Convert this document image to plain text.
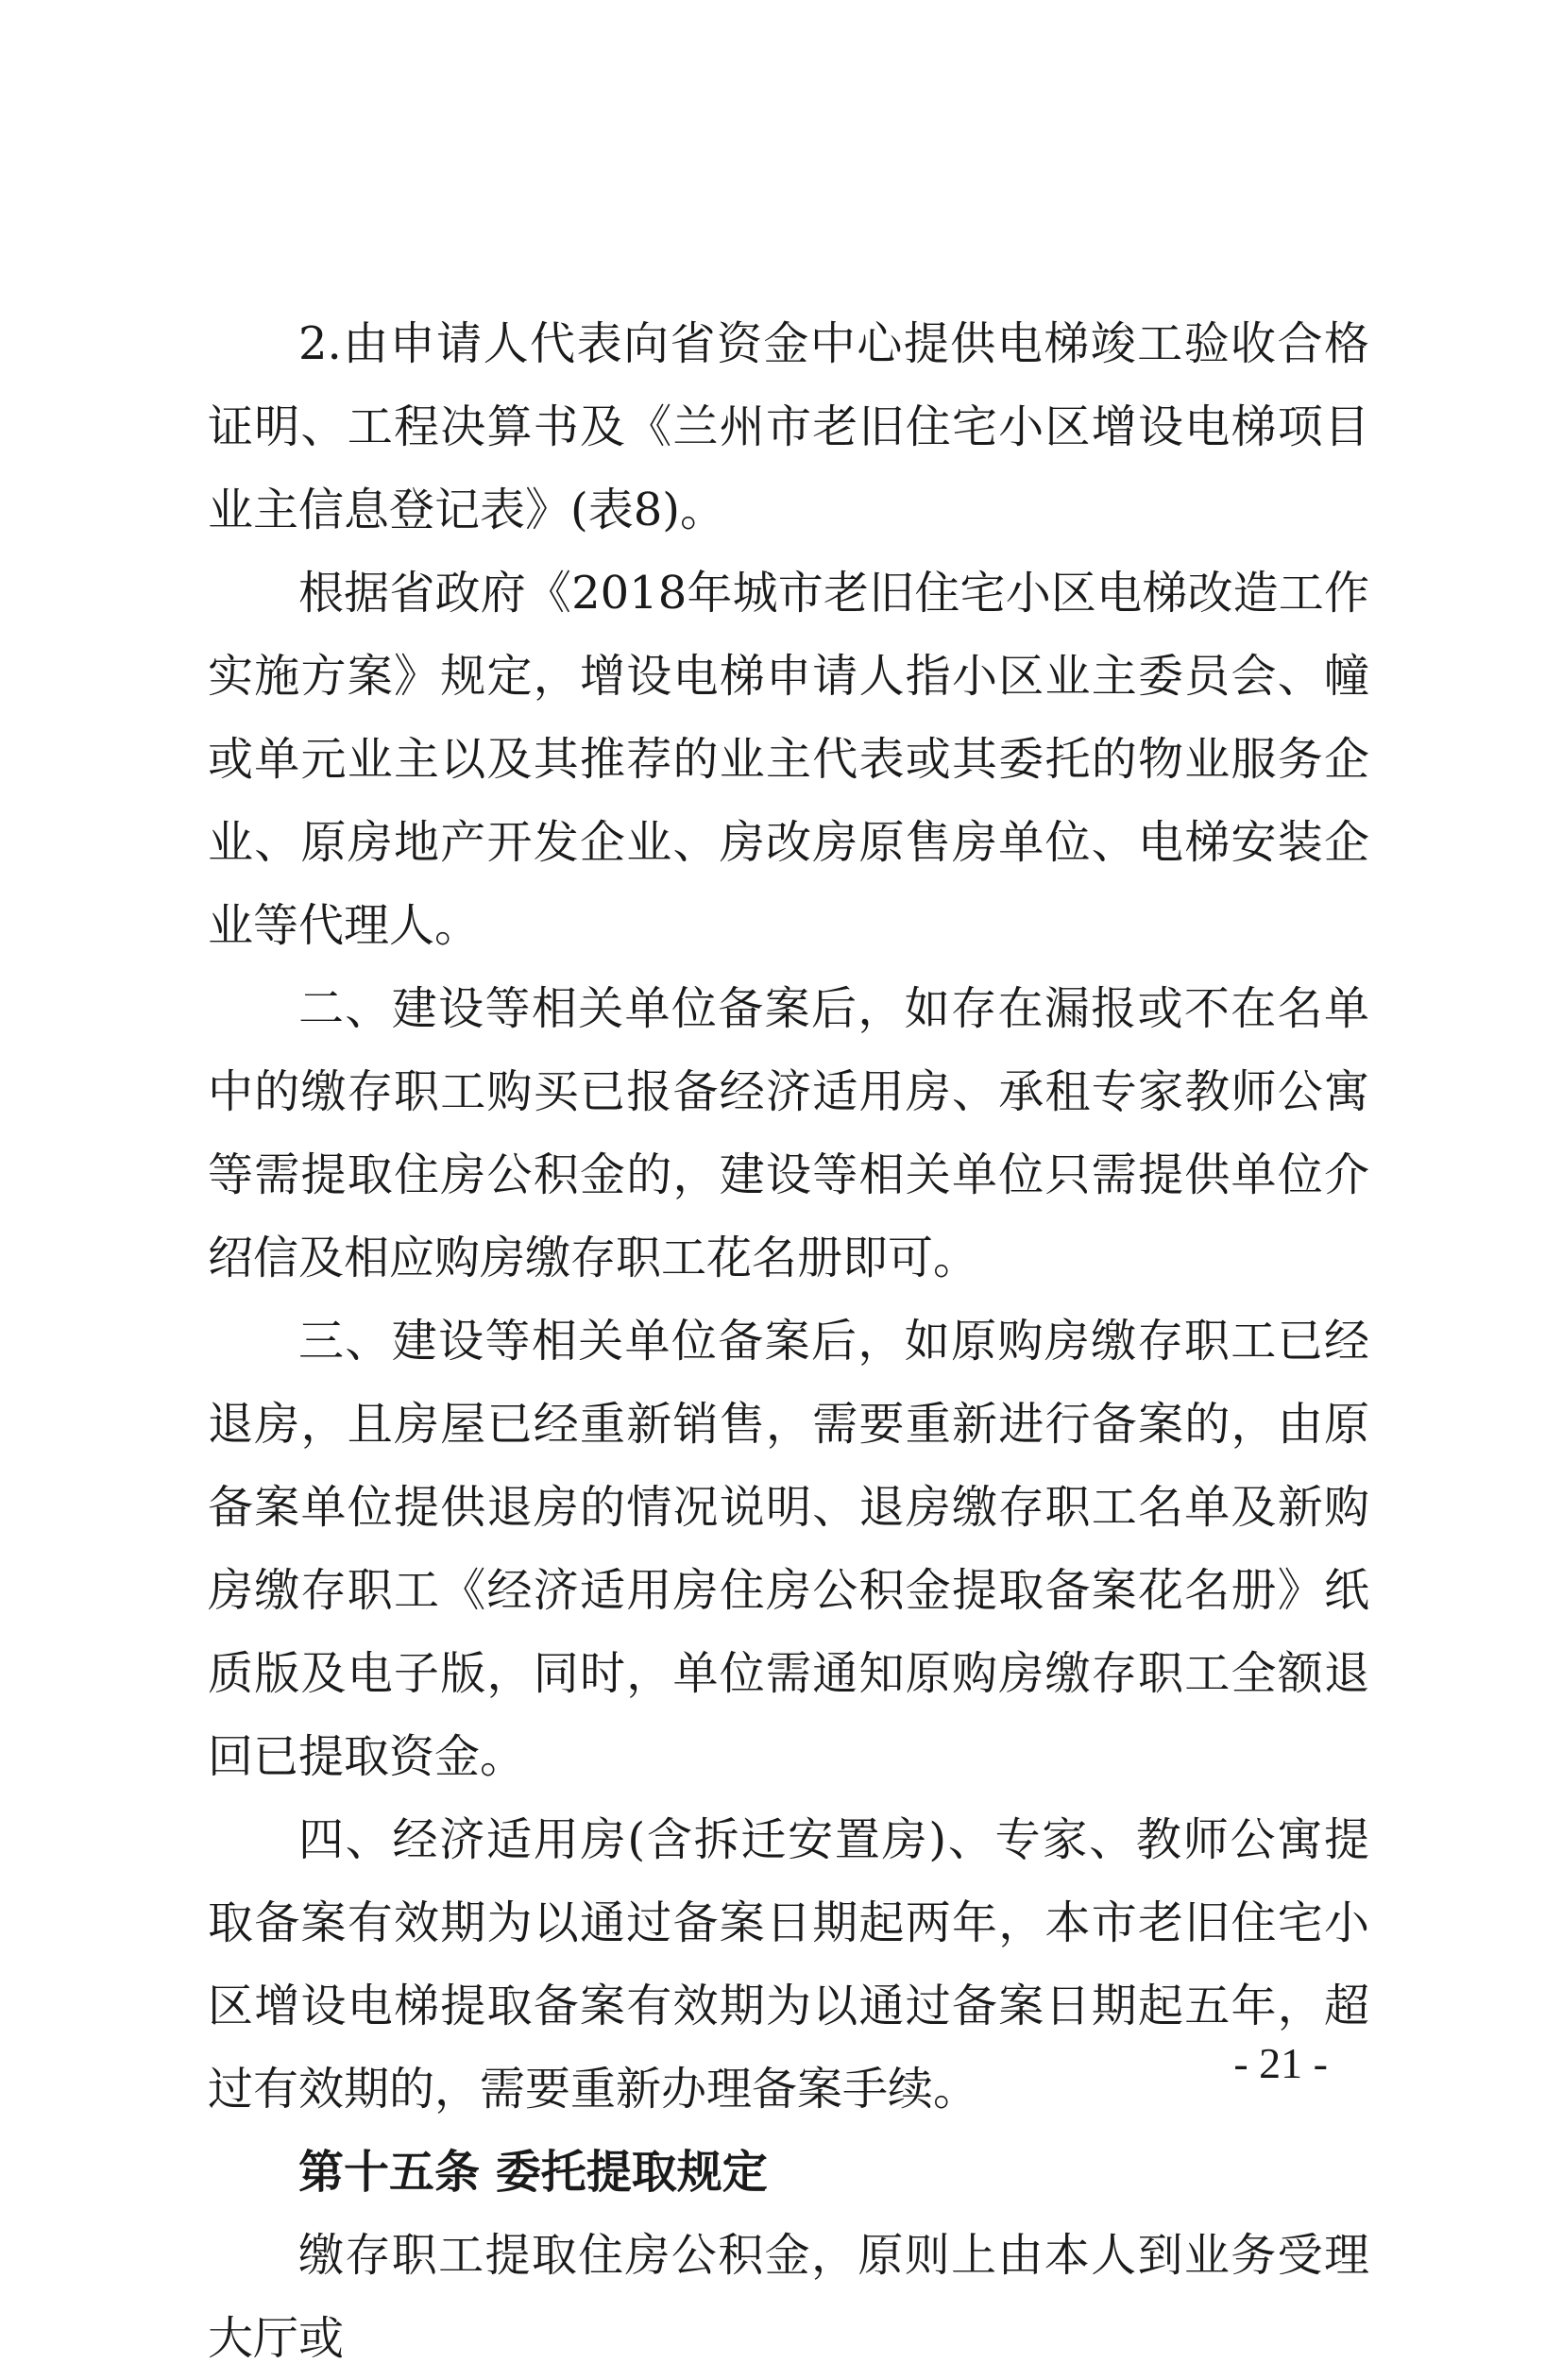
2.由申请人代表向省资金中心提供电梯竣工验收合格证明、工程决算书及《兰州市老旧住宅小区增设电梯项目业主信息登记表》(表8)。

根据省政府《2018年城市老旧住宅小区电梯改造工作实施方案》规定，增设电梯申请人指小区业主委员会、幢或单元业主以及其推荐的业主代表或其委托的物业服务企业、原房地产开发企业、房改房原售房单位、电梯安装企业等代理人。

二、建设等相关单位备案后，如存在漏报或不在名单中的缴存职工购买已报备经济适用房、承租专家教师公寓等需提取住房公积金的，建设等相关单位只需提供单位介绍信及相应购房缴存职工花名册即可。

三、建设等相关单位备案后，如原购房缴存职工已经退房，且房屋已经重新销售，需要重新进行备案的，由原备案单位提供退房的情况说明、退房缴存职工名单及新购房缴存职工《经济适用房住房公积金提取备案花名册》纸质版及电子版，同时，单位需通知原购房缴存职工全额退回已提取资金。

四、经济适用房(含拆迁安置房)、专家、教师公寓提取备案有效期为以通过备案日期起两年，本市老旧住宅小区增设电梯提取备案有效期为以通过备案日期起五年，超过有效期的，需要重新办理备案手续。

第十五条 委托提取规定

缴存职工提取住房公积金，原则上由本人到业务受理大厅或

- 21 -
